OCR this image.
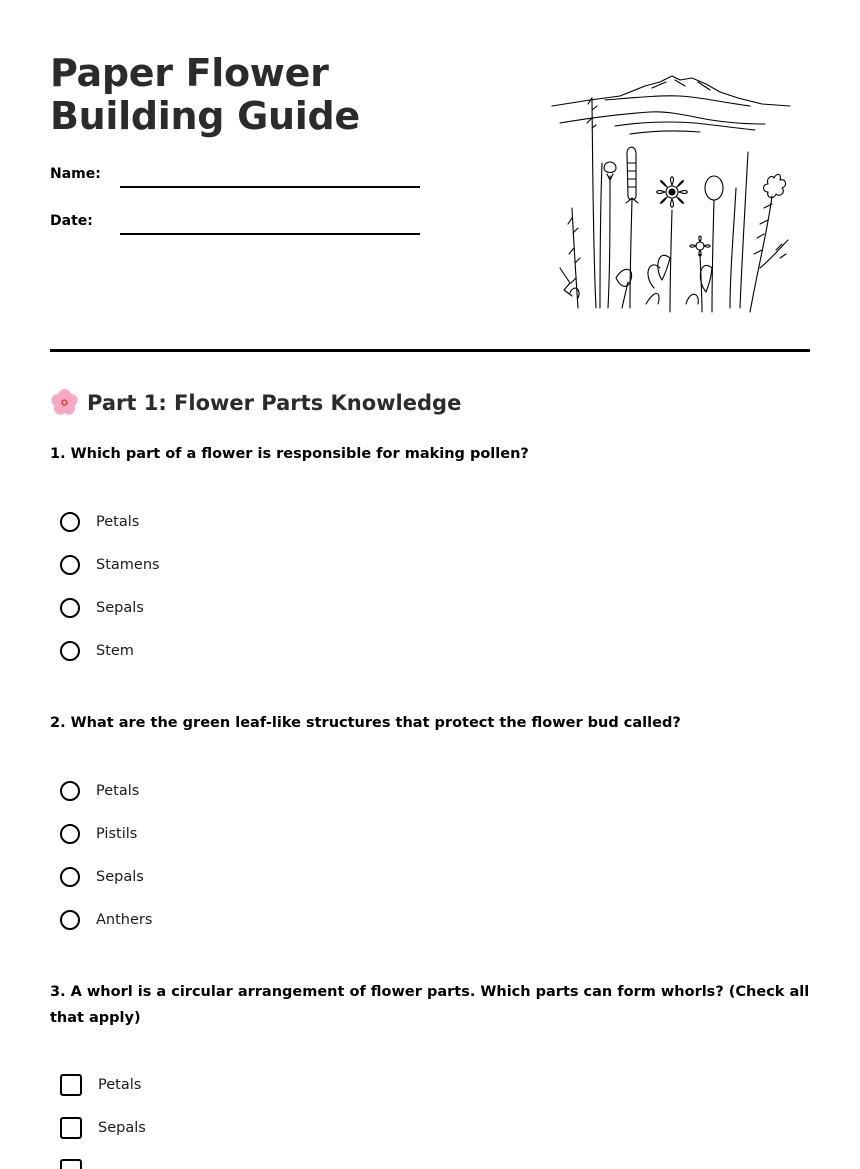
Paper Flower Building Guide
Name:
Date:
Part 1: Flower Parts Knowledge

1. Which part of a flower is responsible for making pollen?

Petals
Stamens
Sepals
Stem

2. What are the green leaf-like structures that protect the flower bud called?

Petals
Pistils
Sepals
Anthers

3. A whorl is a circular arrangement of flower parts. Which parts can form whorls? (Check all that apply)

Petals
Sepals
